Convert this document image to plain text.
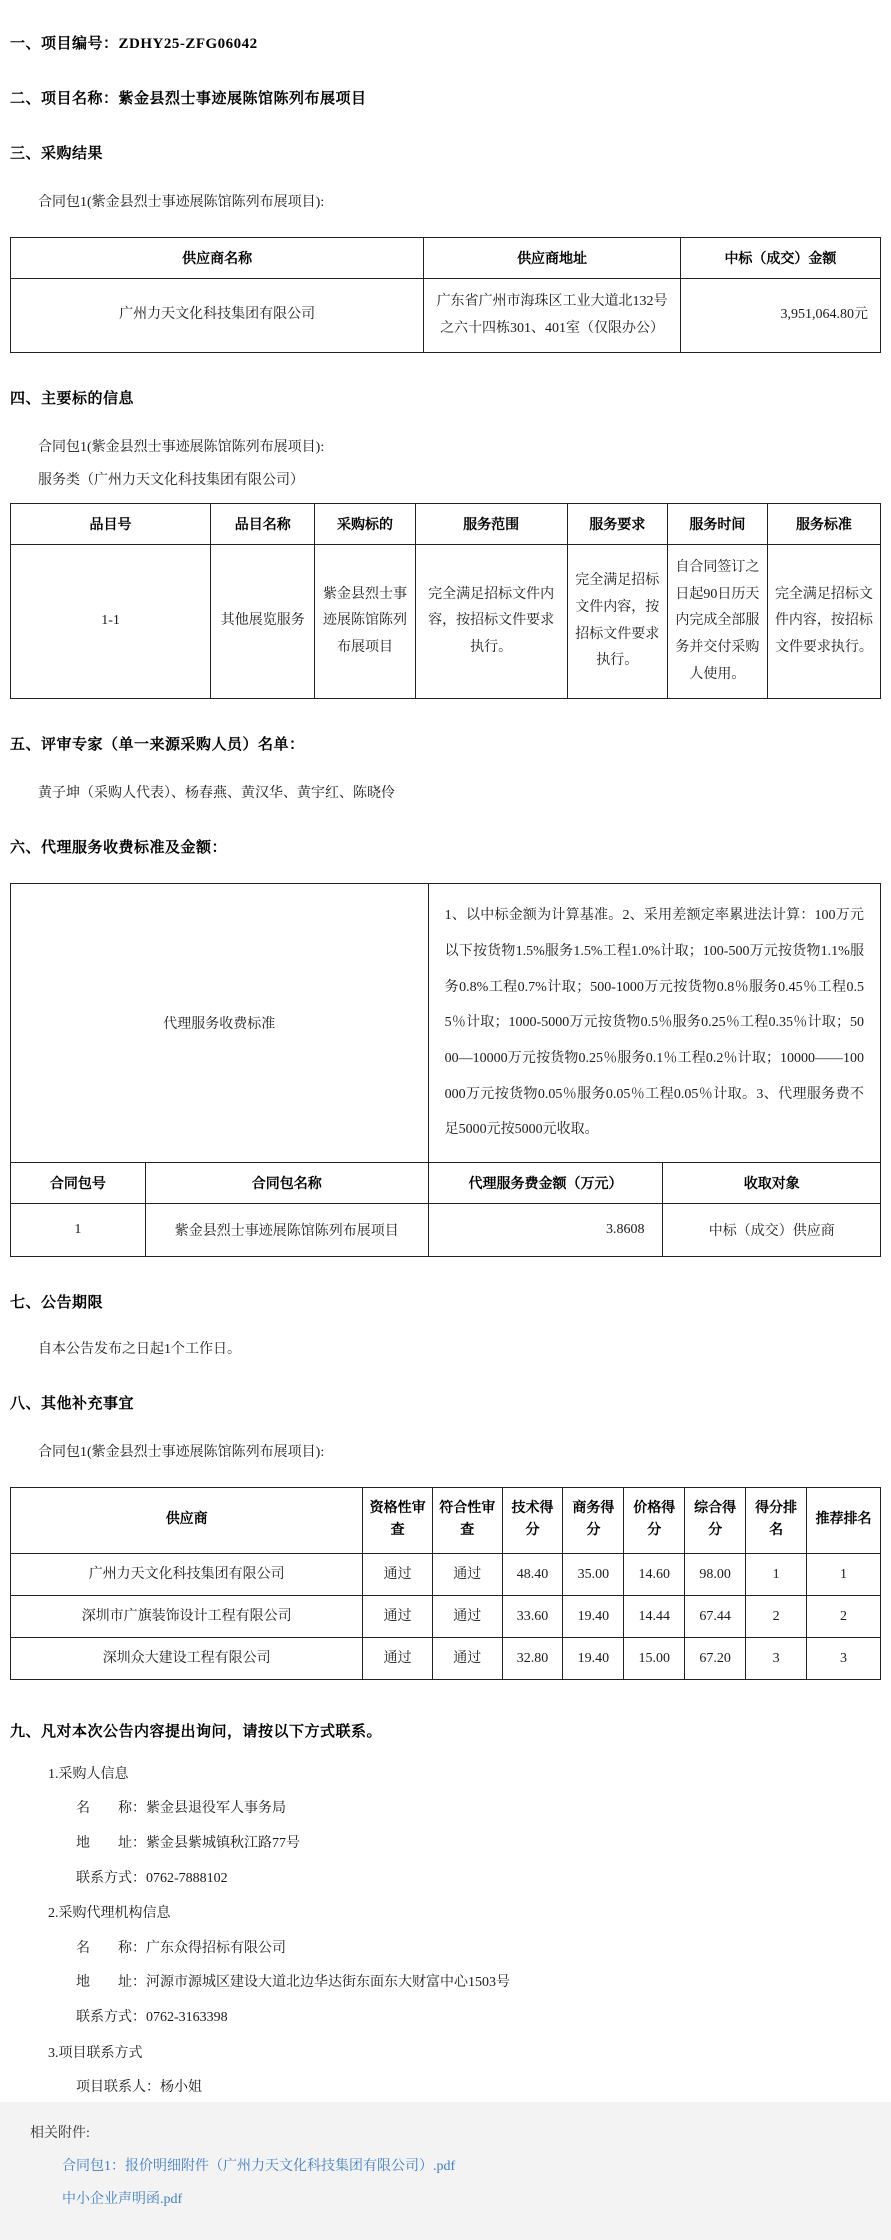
一、项目编号：ZDHY25-ZFG06042
二、项目名称：紫金县烈士事迹展陈馆陈列布展项目
三、采购结果
合同包1(紫金县烈士事迹展陈馆陈列布展项目):
供应商名称	供应商地址	中标（成交）金额
广州力天文化科技集团有限公司	广东省广州市海珠区工业大道北132号之六十四栋301、401室（仅限办公）	3,951,064.80元
四、主要标的信息
合同包1(紫金县烈士事迹展陈馆陈列布展项目):
服务类（广州力天文化科技集团有限公司）
品目号	品目名称	采购标的	服务范围	服务要求	服务时间	服务标准
1-1	其他展览服务	紫金县烈士事迹展陈馆陈列布展项目	完全满足招标文件内容，按招标文件要求执行。	完全满足招标文件内容，按招标文件要求执行。	自合同签订之日起90日历天内完成全部服务并交付采购人使用。	完全满足招标文件内容，按招标文件要求执行。
五、评审专家（单一来源采购人员）名单：
黄子坤（采购人代表）、杨春燕、黄汉华、黄宇红、陈晓伶
六、代理服务收费标准及金额：
代理服务收费标准		1、以中标金额为计算基准。2、采用差额定率累进法计算：100万元以下按货物1.5%服务1.5%工程1.0%计取；100-500万元按货物1.1%服务0.8%工程0.7%计取；500-1000万元按货物0.8％服务0.45％工程0.55％计取；1000-5000万元按货物0.5％服务0.25％工程0.35％计取；5000—10000万元按货物0.25％服务0.1％工程0.2％计取；10000——100000万元按货物0.05％服务0.05％工程0.05％计取。3、代理服务费不足5000元按5000元收取。	
合同包号	合同包名称	代理服务费金额（万元）	收取对象
1	紫金县烈士事迹展陈馆陈列布展项目	3.8608	中标（成交）供应商
七、公告期限
自本公告发布之日起1个工作日。
八、其他补充事宜
合同包1(紫金县烈士事迹展陈馆陈列布展项目):
供应商	资格性审查	符合性审查	技术得分	商务得分	价格得分	综合得分	得分排名	推荐排名
广州力天文化科技集团有限公司	通过	通过	48.40	35.00	14.60	98.00	1	1
深圳市广旗装饰设计工程有限公司	通过	通过	33.60	19.40	14.44	67.44	2	2
深圳众大建设工程有限公司	通过	通过	32.80	19.40	15.00	67.20	3	3
九、凡对本次公告内容提出询问，请按以下方式联系。
1.采购人信息
名　　称：紫金县退役军人事务局
地　　址：紫金县紫城镇秋江路77号
联系方式：0762-7888102
2.采购代理机构信息
名　　称：广东众得招标有限公司
地　　址：河源市源城区建设大道北边华达街东面东大财富中心1503号
联系方式：0762-3163398
3.项目联系方式
项目联系人：杨小姐
相关附件:
合同包1：报价明细附件（广州力天文化科技集团有限公司）.pdf
中小企业声明函.pdf
